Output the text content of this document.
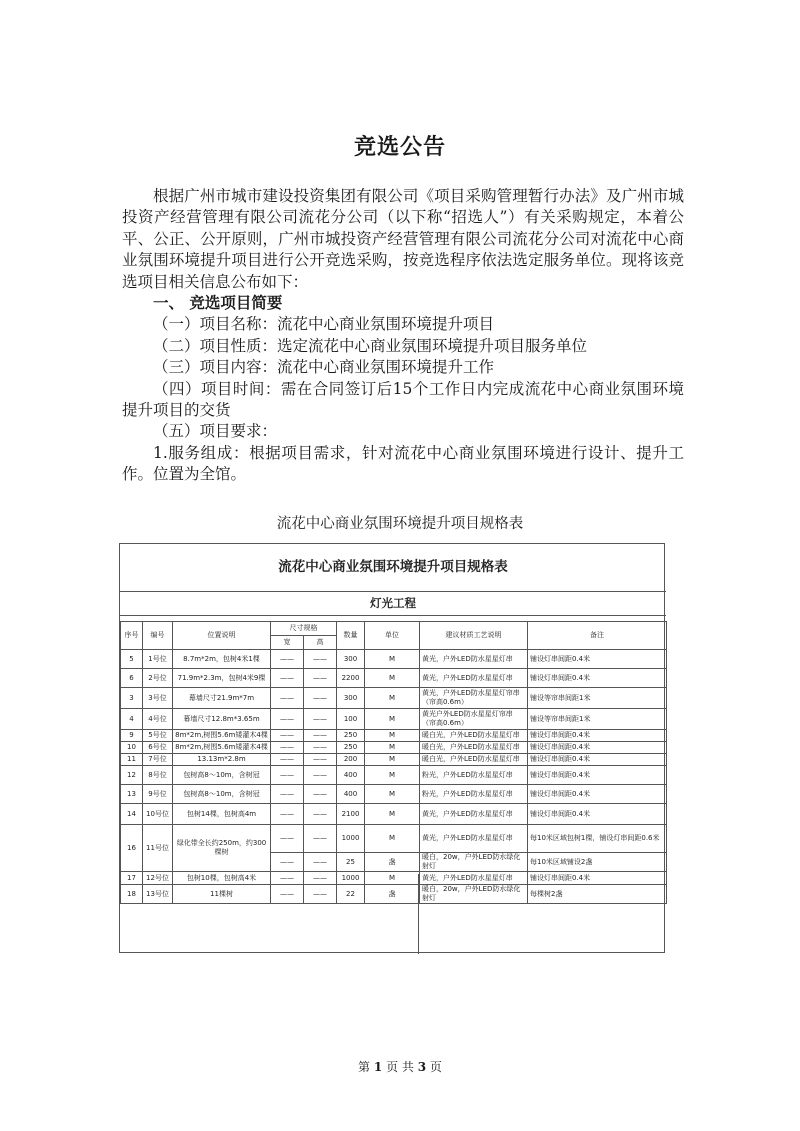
竞选公告

根据广州市城市建设投资集团有限公司《项目采购管理暂行办法》及广州市城投资产经营管理有限公司流花分公司（以下称“招选人”）有关采购规定，本着公平、公正、公开原则，广州市城投资产经营管理有限公司流花分公司对流花中心商业氛围环境提升项目进行公开竞选采购，按竞选程序依法选定服务单位。现将该竞选项目相关信息公布如下：

一、 竞选项目简要

（一）项目名称：流花中心商业氛围环境提升项目

（二）项目性质：选定流花中心商业氛围环境提升项目服务单位

（三）项目内容：流花中心商业氛围环境提升工作

（四）项目时间：需在合同签订后15个工作日内完成流花中心商业氛围环境提升项目的交货

（五）项目要求：

1.服务组成：根据项目需求，针对流花中心商业氛围环境进行设计、提升工作。位置为全馆。

流花中心商业氛围环境提升项目规格表
流花中心商业氛围环境提升项目规格表
灯光工程
序号	编号	位置说明	尺寸规格		数量	单位	建议材质工艺说明	备注
			宽	高				
5	1号位	8.7m*2m，包树4米1棵	——	——	300	M	黄光，户外LED防水星星灯串	铺设灯串间距0.4米
6	2号位	71.9m*2.3m，包树4米9棵	——	——	2200	M	黄光，户外LED防水星星灯串	铺设灯串间距0.4米
3	3号位	幕墙尺寸21.9m*7m	——	——	300	M	黄光，户外LED防水星星灯帘串（帘高0.6m）	铺设等帘串间距1米
4	4号位	幕墙尺寸12.8m*3.65m	——	——	100	M	黄光户外LED防水星星灯帘串（帘高0.6m）	铺设等帘串间距1米
9	5号位	8m*2m,树围5.6m矮灌木4棵	——	——	250	M	暖白光，户外LED防水星星灯串	铺设灯串间距0.4米
10	6号位	8m*2m,树围5.6m矮灌木4棵	——	——	250	M	暖白光，户外LED防水星星灯串	铺设灯串间距0.4米
11	7号位	13.13m*2.8m	——	——	200	M	暖白光，户外LED防水星星灯串	铺设灯串间距0.4米
12	8号位	包树高8～10m，含树冠	——	——	400	M	粉光，户外LED防水星星灯串	铺设灯串间距0.4米
13	9号位	包树高8～10m，含树冠	——	——	400	M	粉光，户外LED防水星星灯串	铺设灯串间距0.4米
14	10号位	包树14棵，包树高4m	——	——	2100	M	黄光，户外LED防水星星灯串	铺设灯串间距0.4米
16	11号位	绿化带全长约250m，约300棵树	——	——	1000	M	黄光，户外LED防水星星灯串	每10米区域包树1棵，铺设灯串间距0.6米
			——	——	25	盏	暖白，20w，户外LED防水绿化射灯	每10米区域铺设2盏
17	12号位	包树10棵，包树高4米	——	——	1000	M	黄光，户外LED防水星星灯串	铺设灯串间距0.4米
18	13号位	11棵树	——	——	22	盏	暖白，20w，户外LED防水绿化射灯	每棵树2盏
第 1 页 共 3 页
